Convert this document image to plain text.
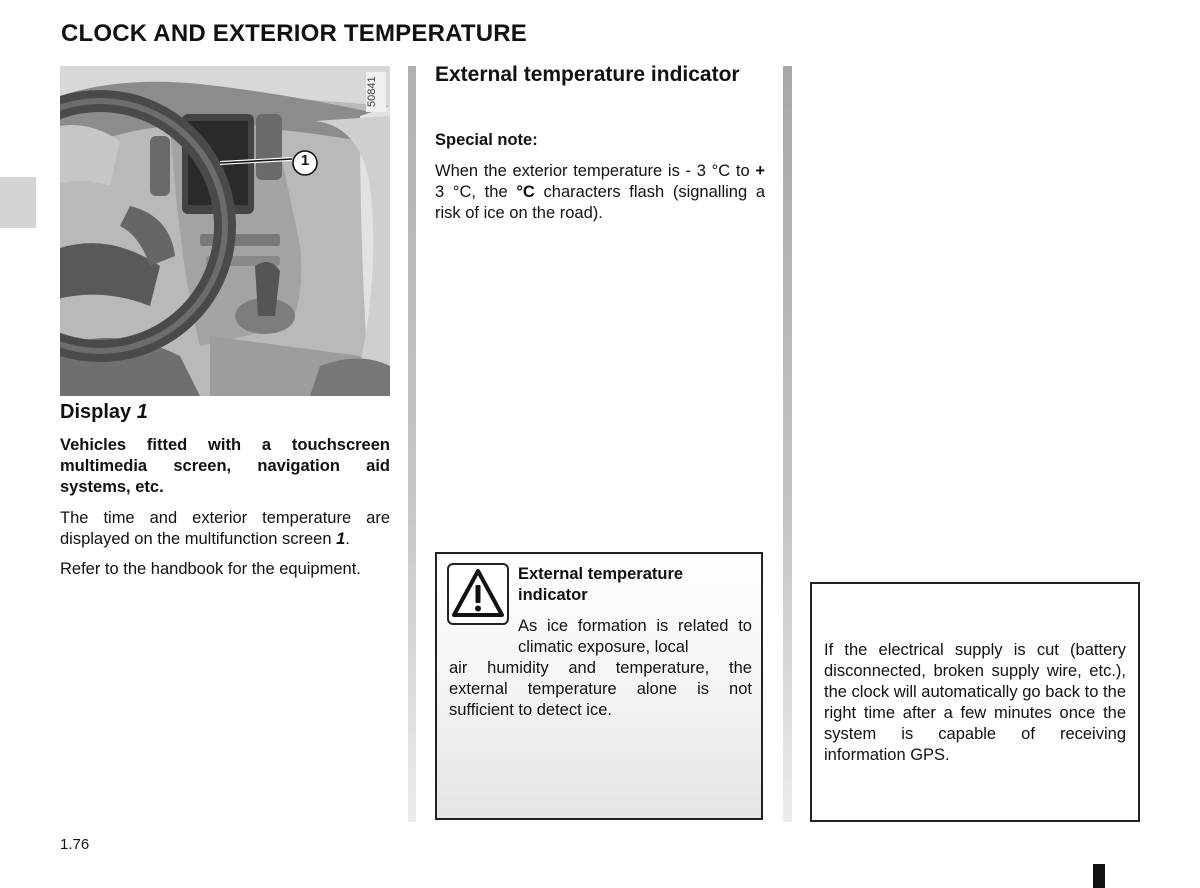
CLOCK AND EXTERIOR TEMPERATURE
1
50841
Display 1
Vehicles fitted with a touchscreen multimedia screen, navigation aid systems, etc.
The time and exterior temperature are displayed on the multifunction screen 1.
Refer to the handbook for the equipment.
External temperature indicator
Special note:
When the exterior temperature is - 3 °C to + 3 °C, the °C characters flash (signalling a risk of ice on the road).
External temperature indicator
As ice formation is related to climatic exposure, local
air humidity and temperature, the external temperature alone is not sufficient to detect ice.
If the electrical supply is cut (battery disconnected, broken supply wire, etc.), the clock will automatically go back to the right time after a few minutes once the system is capable of receiving information GPS.
1.76
